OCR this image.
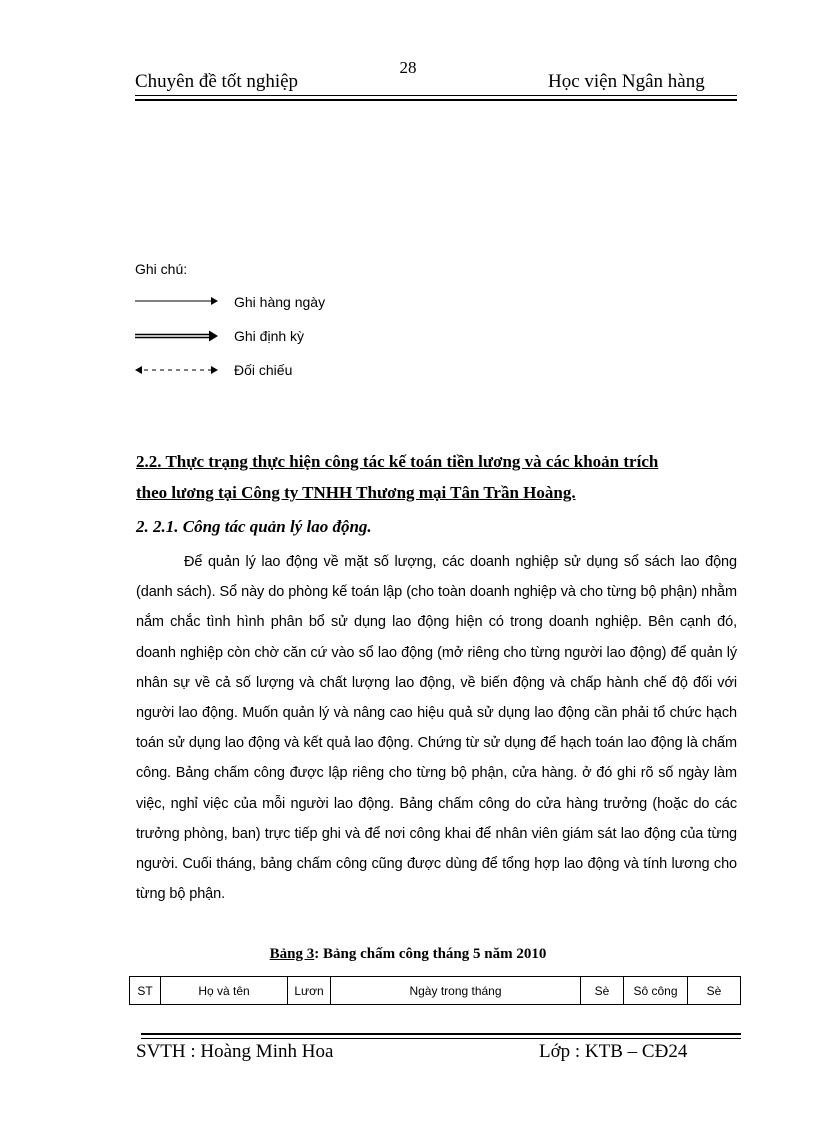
28
Chuyên đề tốt nghiệp	Học viện Ngân hàng
Ghi chú:
Ghi hàng ngày
Ghi định kỳ
Đối chiếu
2.2. Thực trạng thực hiện công tác kế toán tiền lương và các khoản trích
theo lương tại Công ty TNHH Thương mại Tân Trần Hoàng.
2. 2.1. Công tác quản lý lao động.
Để quản lý lao động về mặt số lượng, các doanh nghiệp sử dụng sổ sách lao động (danh sách). Sổ này do phòng kế toán lập (cho toàn doanh nghiệp và cho từng bộ phận) nhằm nắm chắc tình hình phân bổ sử dụng lao động hiện có trong doanh nghiệp. Bên cạnh đó, doanh nghiệp còn chờ căn cứ vào sổ lao động (mở riêng cho từng người lao động) để quản lý nhân sự về cả số lượng và chất lượng lao động, về biến động và chấp hành chế độ đối với người lao động. Muốn quản lý và nâng cao hiệu quả sử dụng lao động cần phải tổ chức hạch toán sử dụng lao động và kết quả lao động. Chứng từ sử dụng để hạch toán lao động là chấm công. Bảng chấm công được lập riêng cho từng bộ phận, cửa hàng. ở đó ghi rõ số ngày làm việc, nghỉ việc của mỗi người lao động. Bảng chấm công do cửa hàng trưởng (hoặc do các trưởng phòng, ban) trực tiếp ghi và để nơi công khai để nhân viên giám sát lao động của từng người. Cuối tháng, bảng chấm công cũng được dùng để tổng hợp lao động và tính lương cho từng bộ phận.
Bảng 3: Bảng chấm công tháng 5 năm 2010
ST	Họ và tên	Lươn	Ngày trong tháng	Sè	Sô công	Sè
SVTH : Hoàng Minh Hoa	Lớp : KTB – CĐ24
